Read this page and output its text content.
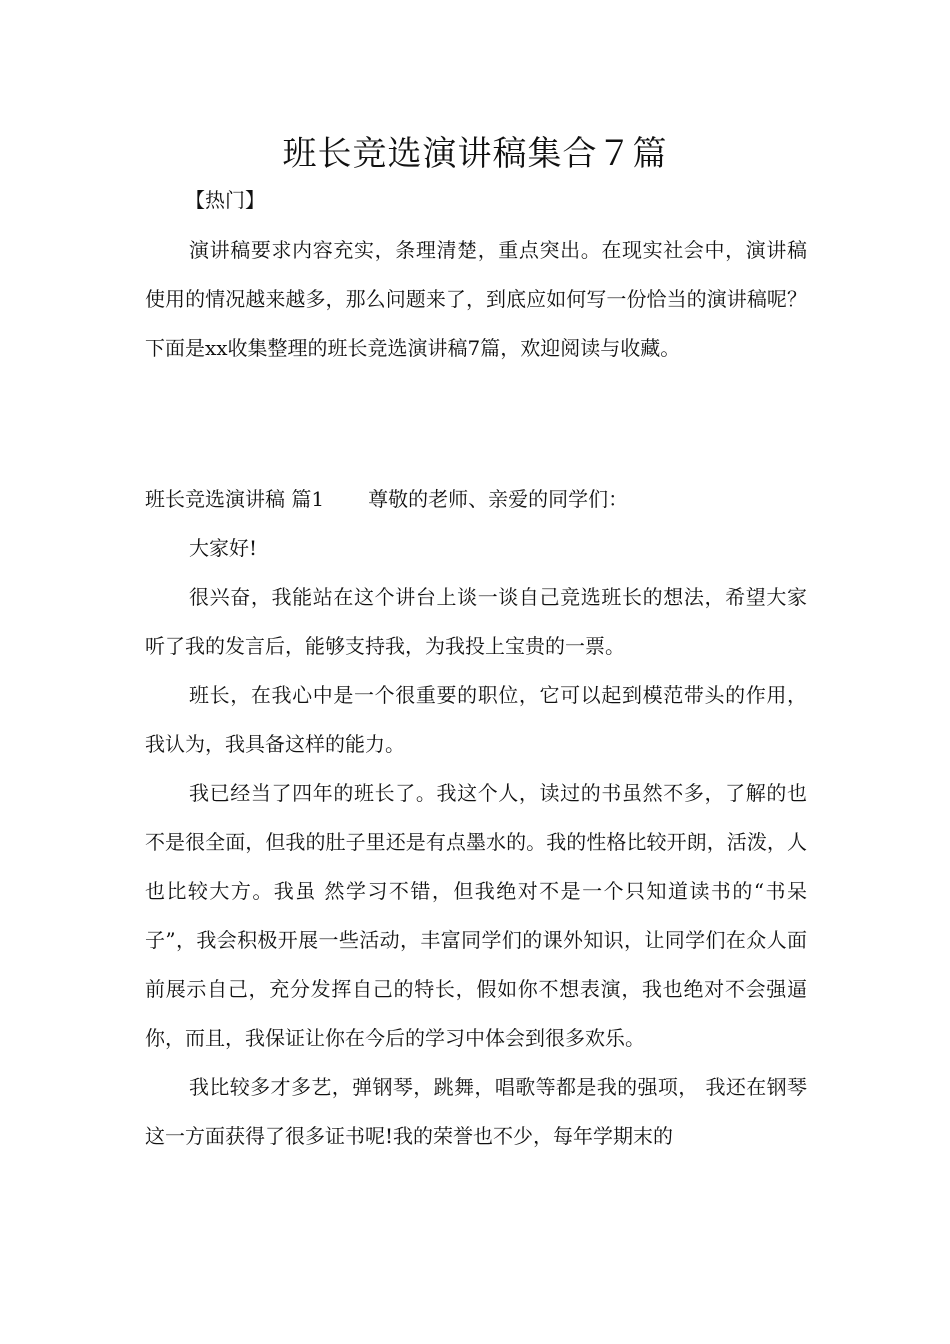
班长竞选演讲稿集合７篇
【热门】

演讲稿要求内容充实，条理清楚，重点突出。在现实社会中，演讲稿使用的情况越来越多，那么问题来了，到底应如何写一份恰当的演讲稿呢？下面是xx收集整理的班长竞选演讲稿7篇，欢迎阅读与收藏。

班长竞选演讲稿 篇1 尊敬的老师、亲爱的同学们：

大家好!

很兴奋，我能站在这个讲台上谈一谈自己竞选班长的想法，希望大家听了我的发言后，能够支持我，为我投上宝贵的一票。

班长，在我心中是一个很重要的职位，它可以起到模范带头的作用，我认为，我具备这样的能力。

我已经当了四年的班长了。我这个人，读过的书虽然不多，了解的也不是很全面，但我的肚子里还是有点墨水的。我的性格比较开朗，活泼，人也比较大方。我虽 然学习不错，但我绝对不是一个只知道读书的“书呆子”，我会积极开展一些活动，丰富同学们的课外知识，让同学们在众人面前展示自己，充分发挥自己的特长，假如你不想表演，我也绝对不会强逼你，而且，我保证让你在今后的学习中体会到很多欢乐。

我比较多才多艺，弹钢琴，跳舞，唱歌等都是我的强项， 我还在钢琴这一方面获得了很多证书呢!我的荣誉也不少，每年学期末的
